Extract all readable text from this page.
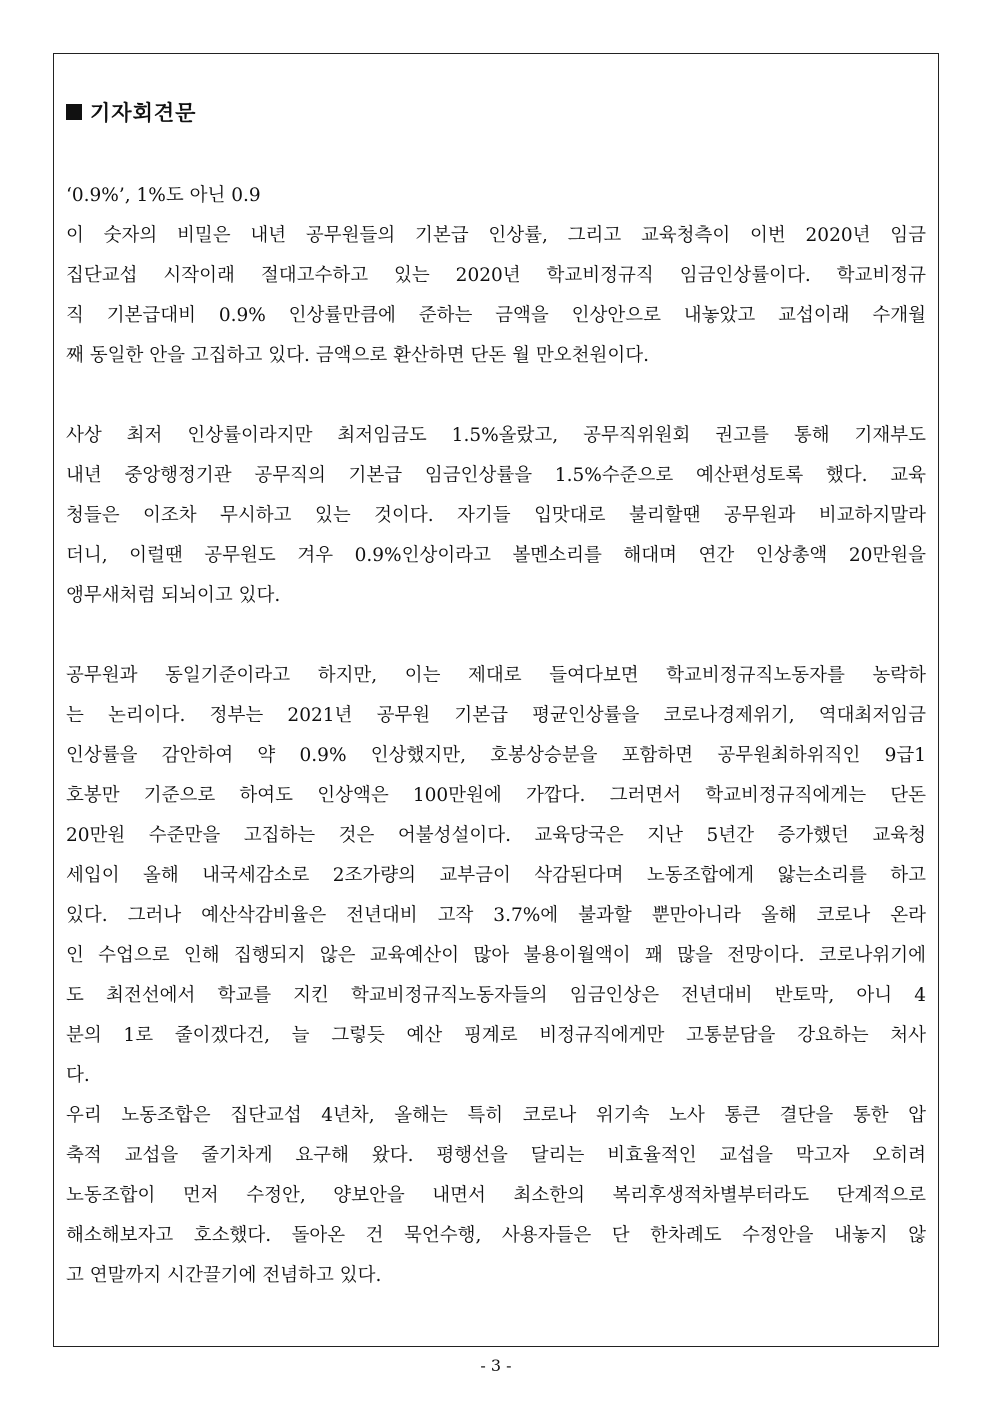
기자회견문
‘0.9%’, 1%도 아닌 0.9
이 숫자의 비밀은 내년 공무원들의 기본급 인상률, 그리고 교육청측이 이번 2020년 임금
집단교섭 시작이래 절대고수하고 있는 2020년 학교비정규직 임금인상률이다. 학교비정규
직 기본급대비 0.9% 인상률만큼에 준하는 금액을 인상안으로 내놓았고 교섭이래 수개월
째 동일한 안을 고집하고 있다. 금액으로 환산하면 단돈 월 만오천원이다.
사상 최저 인상률이라지만 최저임금도 1.5%올랐고, 공무직위원회 권고를 통해 기재부도
내년 중앙행정기관 공무직의 기본급 임금인상률을 1.5%수준으로 예산편성토록 했다. 교육
청들은 이조차 무시하고 있는 것이다. 자기들 입맛대로 불리할땐 공무원과 비교하지말라
더니, 이럴땐 공무원도 겨우 0.9%인상이라고 볼멘소리를 해대며 연간 인상총액 20만원을
앵무새처럼 되뇌이고 있다.
공무원과 동일기준이라고 하지만, 이는 제대로 들여다보면 학교비정규직노동자를 농락하
는 논리이다. 정부는 2021년 공무원 기본급 평균인상률을 코로나경제위기, 역대최저임금
인상률을 감안하여 약 0.9% 인상했지만, 호봉상승분을 포함하면 공무원최하위직인 9급1
호봉만 기준으로 하여도 인상액은 100만원에 가깝다. 그러면서 학교비정규직에게는 단돈
20만원 수준만을 고집하는 것은 어불성설이다. 교육당국은 지난 5년간 증가했던 교육청
세입이 올해 내국세감소로 2조가량의 교부금이 삭감된다며 노동조합에게 앓는소리를 하고
있다. 그러나 예산삭감비율은 전년대비 고작 3.7%에 불과할 뿐만아니라 올해 코로나 온라
인 수업으로 인해 집행되지 않은 교육예산이 많아 불용이월액이 꽤 많을 전망이다. 코로나위기에
도 최전선에서 학교를 지킨 학교비정규직노동자들의 임금인상은 전년대비 반토막, 아니 4
분의 1로 줄이겠다건, 늘 그렇듯 예산 핑계로 비정규직에게만 고통분담을 강요하는 처사
다.
우리 노동조합은 집단교섭 4년차, 올해는 특히 코로나 위기속 노사 통큰 결단을 통한 압
축적 교섭을 줄기차게 요구해 왔다. 평행선을 달리는 비효율적인 교섭을 막고자 오히려
노동조합이 먼저 수정안, 양보안을 내면서 최소한의 복리후생적차별부터라도 단계적으로
해소해보자고 호소했다. 돌아온 건 묵언수행, 사용자들은 단 한차례도 수정안을 내놓지 않
고 연말까지 시간끌기에 전념하고 있다.
- 3 -
